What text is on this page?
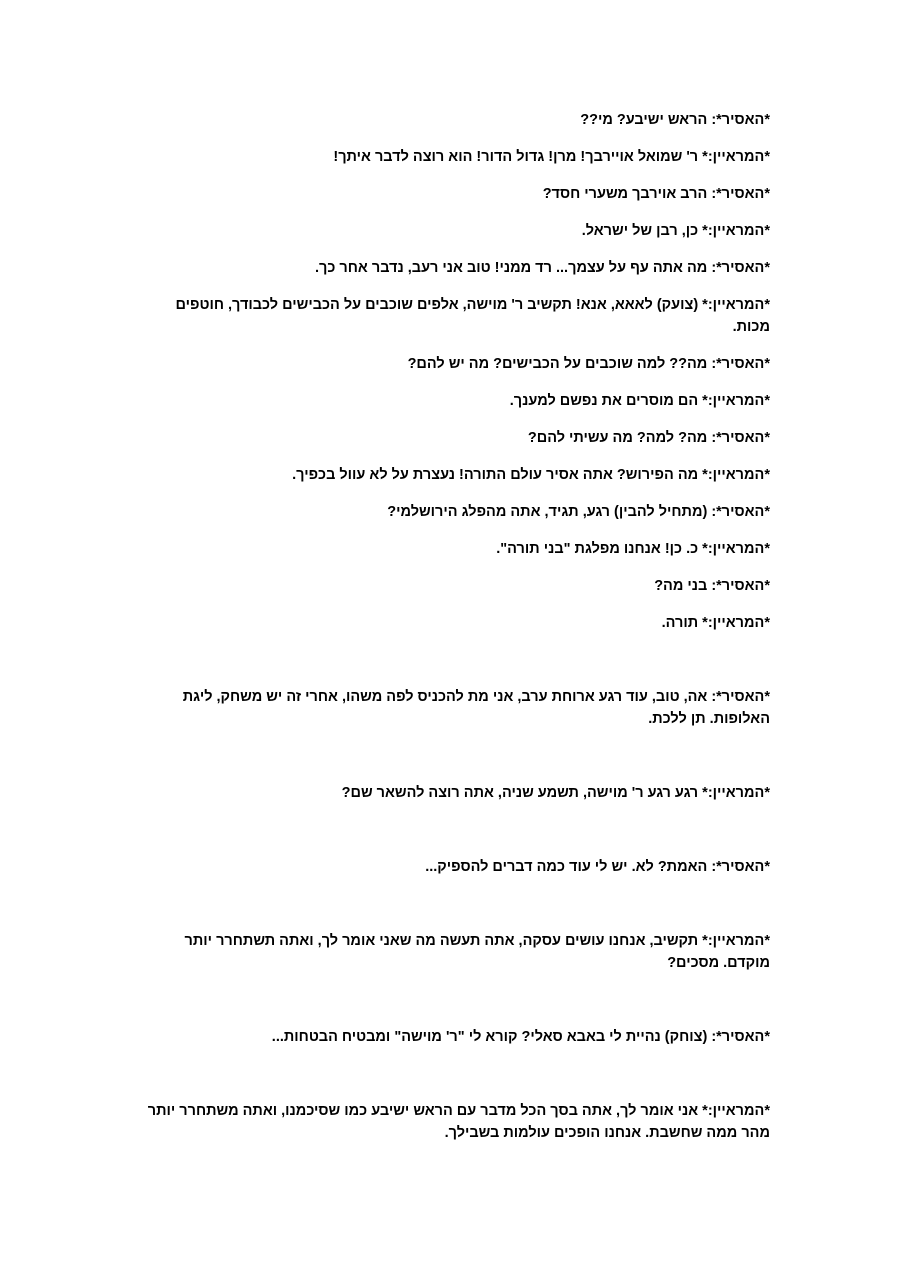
*האסיר*: הראש ישיבע? מי??

*המראיין:* ר' שמואל אויירבך! מרן! גדול הדור! הוא רוצה לדבר איתך!

*האסיר*: הרב אוירבך משערי חסד?

*המראיין:* כן, רבן של ישראל.

*האסיר*: מה אתה עף על עצמך... רד ממני! טוב אני רעב, נדבר אחר כך.

*המראיין:* (צועק) לאאא, אנא! תקשיב ר' מוישה, אלפים שוכבים על הכבישים לכבודך, חוטפים מכות.

*האסיר*: מה?? למה שוכבים על הכבישים? מה יש להם?

*המראיין:* הם מוסרים את נפשם למענך.

*האסיר*: מה? למה? מה עשיתי להם?

*המראיין:* מה הפירוש? אתה אסיר עולם התורה! נעצרת על לא עוול בכפיך.

*האסיר*: (מתחיל להבין) רגע, תגיד, אתה מהפלג הירושלמי?

*המראיין:* כ. כן! אנחנו מפלגת "בני תורה".

*האסיר*: בני מה?

*המראיין:* תורה.

*האסיר*: אה, טוב, עוד רגע ארוחת ערב, אני מת להכניס לפה משהו, אחרי זה יש משחק, ליגת האלופות. תן ללכת.

*המראיין:* רגע רגע ר' מוישה, תשמע שניה, אתה רוצה להשאר שם?

*האסיר*: האמת? לא. יש לי עוד כמה דברים להספיק...

*המראיין:* תקשיב, אנחנו עושים עסקה, אתה תעשה מה שאני אומר לך, ואתה תשתחרר יותר מוקדם. מסכים?

*האסיר*: (צוחק) נהיית לי באבא סאלי? קורא לי "ר' מוישה" ומבטיח הבטחות...

*המראיין:* אני אומר לך, אתה בסך הכל מדבר עם הראש ישיבע כמו שסיכמנו, ואתה משתחרר יותר מהר ממה שחשבת. אנחנו הופכים עולמות בשבילך.
